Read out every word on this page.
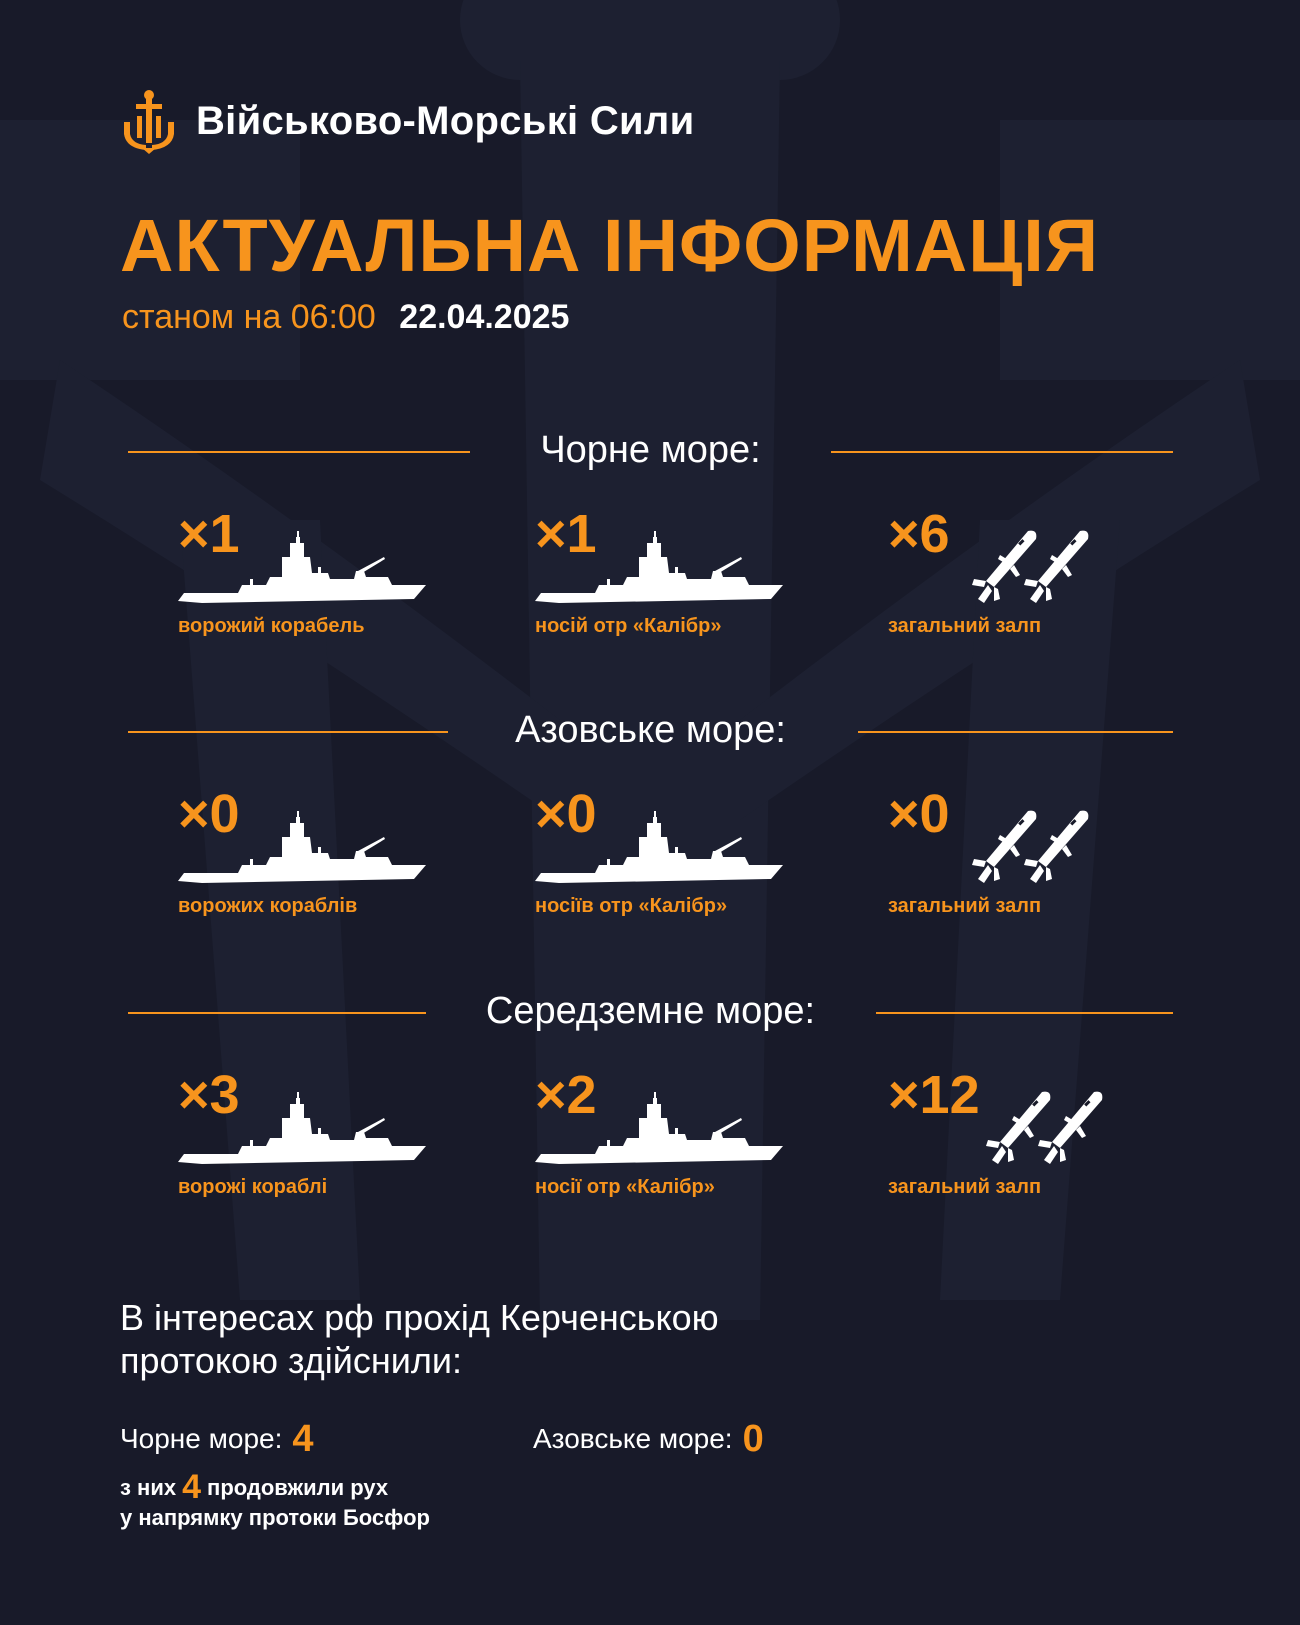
Військово-Морські Сили
АКТУАЛЬНА ІНФОРМАЦІЯ
станом на 06:00 22.04.2025
Чорне море:
×1
ворожий корабель
×1
носій отр «Калібр»
×6
загальний залп
Азовське море:
×0
ворожих кораблів
×0
носіїв отр «Калібр»
×0
загальний залп
Середземне море:
×3
ворожі кораблі
×2
носії отр «Калібр»
×12
загальний залп
В інтересах рф прохід Керченською
протокою здійснили:
Чорне море: 4	Азовське море: 0
з них 4 продовжили рух
у напрямку протоки Босфор
